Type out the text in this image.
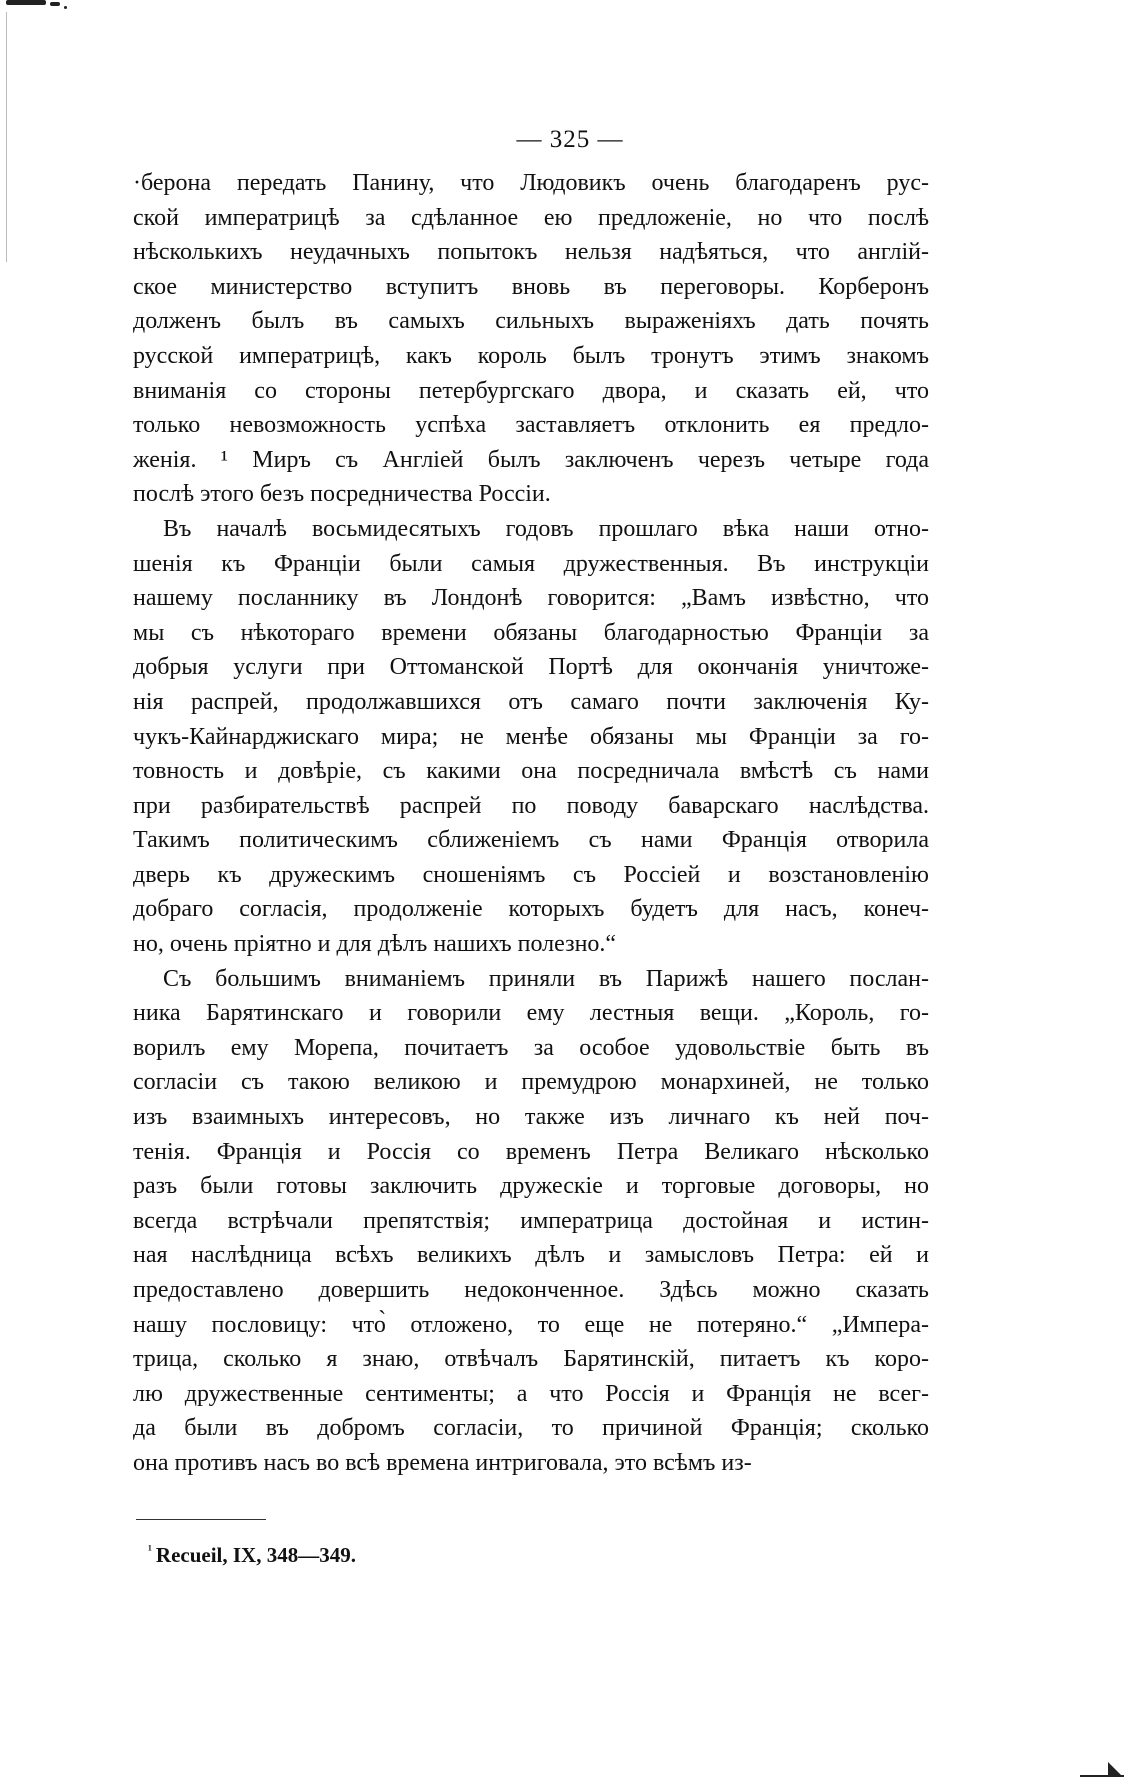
— 325 —
·берона передать Панину, что Людовикъ очень благодаренъ рус-
ской императрицѣ за сдѣланное ею предложеніе, но что послѣ
нѣсколькихъ неудачныхъ попытокъ нельзя надѣяться, что англій-
ское министерство вступитъ вновь въ переговоры. Корберонъ
долженъ былъ въ самыхъ сильныхъ выраженіяхъ дать почять
русской императрицѣ, какъ король былъ тронутъ этимъ знакомъ
вниманія со стороны петербургскаго двора, и сказать ей, что
только невозможность успѣха заставляетъ отклонить ея предло-
женія. ¹ Миръ съ Англіей былъ заключенъ черезъ четыре года
послѣ этого безъ посредничества Россіи.
Въ началѣ восьмидесятыхъ годовъ прошлаго вѣка наши отно-
шенія къ Франціи были самыя дружественныя. Въ инструкціи
нашему посланнику въ Лондонѣ говорится: „Вамъ извѣстно, что
мы съ нѣкотораго времени обязаны благодарностью Франціи за
добрыя услуги при Оттоманской Портѣ для окончанія уничтоже-
нія распрей, продолжавшихся отъ самаго почти заключенія Ку-
чукъ-Кайнарджискаго мира; не менѣе обязаны мы Франціи за го-
товность и довѣріе, съ какими она посредничала вмѣстѣ съ нами
при разбирательствѣ распрей по поводу баварскаго наслѣдства.
Такимъ политическимъ сближеніемъ съ нами Франція отворила
дверь къ дружескимъ сношеніямъ съ Россіей и возстановленію
добраго согласія, продолженіе которыхъ будетъ для насъ, конеч-
но, очень пріятно и для дѣлъ нашихъ полезно.“
Съ большимъ вниманіемъ приняли въ Парижѣ нашего послан-
ника Барятинскаго и говорили ему лестныя вещи. „Король, го-
ворилъ ему Морепа, почитаетъ за особое удовольствіе быть въ
согласіи съ такою великою и премудрою монархиней, не только
изъ взаимныхъ интересовъ, но также изъ личнаго къ ней поч-
тенія. Франція и Россія со временъ Петра Великаго нѣсколько
разъ были готовы заключить дружескіе и торговые договоры, но
всегда встрѣчали препятствія; императрица достойная и истин-
ная наслѣдница всѣхъ великихъ дѣлъ и замысловъ Петра: ей и
предоставлено довершить недоконченное. Здѣсь можно сказать
нашу пословицу: что̀ отложено, то еще не потеряно.“ „Импера-
трица, сколько я знаю, отвѣчалъ Барятинскій, питаетъ къ коро-
лю дружественные сентименты; а что Россія и Франція не всег-
да были въ добромъ согласіи, то причиной Франція; сколько
она противъ насъ во всѣ времена интриговала, это всѣмъ из-
$^{^1}$ Recueil, IX, 348—349.
